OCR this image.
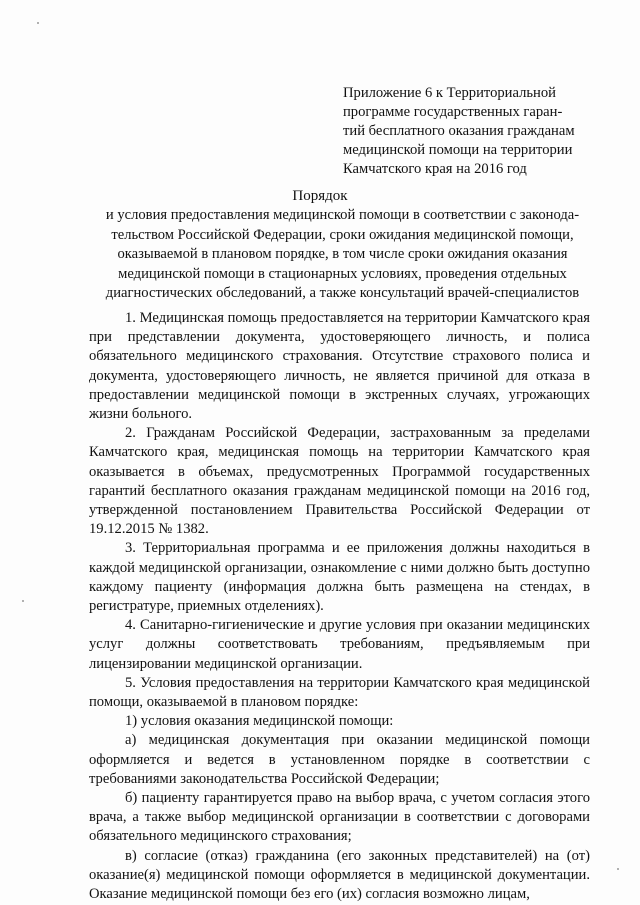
Приложение 6 к Территориальной
программе государственных гаран-
тий бесплатного оказания гражданам
медицинской помощи на территории
Камчатского края на 2016 год
Порядок
и условия предоставления медицинской помощи в соответствии с законода-
тельством Российской Федерации, сроки ожидания медицинской помощи,
оказываемой в плановом порядке, в том числе сроки ожидания оказания
медицинской помощи в стационарных условиях, проведения отдельных
диагностических обследований, а также консультаций врачей-специалистов

1. Медицинская помощь предоставляется на территории Камчатского края при представлении документа, удостоверяющего личность, и полиса обязательного медицинского страхования. Отсутствие страхового полиса и документа, удостоверяющего личность, не является причиной для отказа в предоставлении медицинской помощи в экстренных случаях, угрожающих жизни больного.

2. Гражданам Российской Федерации, застрахованным за пределами Камчатского края, медицинская помощь на территории Камчатского края оказывается в объемах, предусмотренных Программой государственных гарантий бесплатного оказания гражданам медицинской помощи на 2016 год, утвержденной постановлением Правительства Российской Федерации от 19.12.2015 № 1382.

3. Территориальная программа и ее приложения должны находиться в каждой медицинской организации, ознакомление с ними должно быть доступно каждому пациенту (информация должна быть размещена на стендах, в регистратуре, приемных отделениях).

4. Санитарно-гигиенические и другие условия при оказании медицинских услуг должны соответствовать требованиям, предъявляемым при лицензировании медицинской организации.

5. Условия предоставления на территории Камчатского края медицинской помощи, оказываемой в плановом порядке:

1) условия оказания медицинской помощи:

а) медицинская документация при оказании медицинской помощи оформляется и ведется в установленном порядке в соответствии с требованиями законодательства Российской Федерации;

б) пациенту гарантируется право на выбор врача, с учетом согласия этого врача, а также выбор медицинской организации в соответствии с договорами обязательного медицинского страхования;

в) согласие (отказ) гражданина (его законных представителей) на (от) оказание(я) медицинской помощи оформляется в медицинской документации. Оказание медицинской помощи без его (их) согласия возможно лицам,
